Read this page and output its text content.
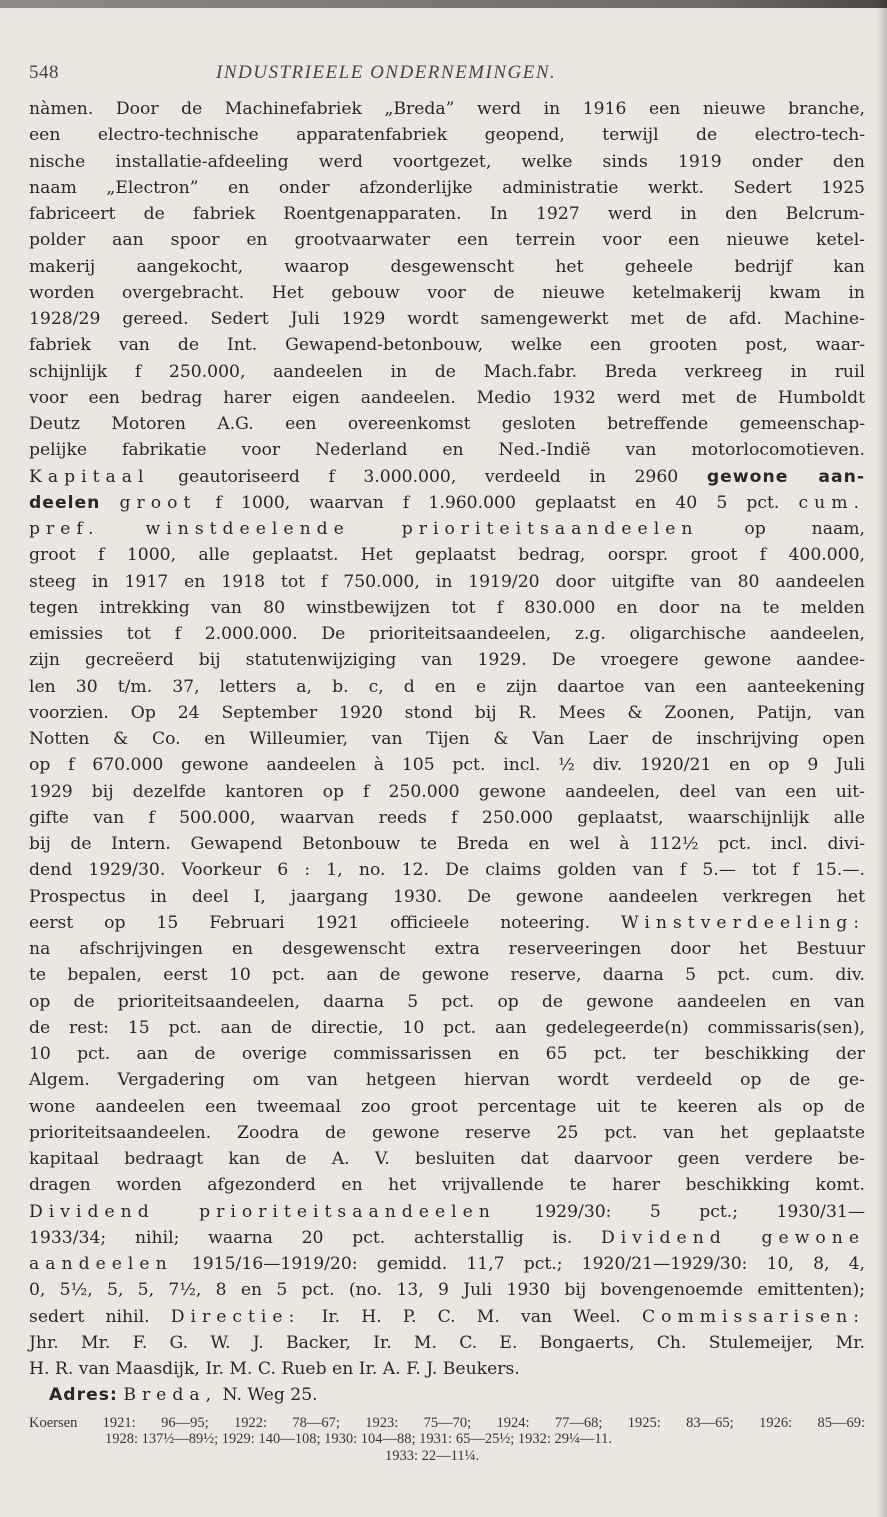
548	INDUSTRIEELE ONDERNEMINGEN.
nàmen. Door de Machinefabriek „Breda” werd in 1916 een nieuwe branche,
een electro-technische apparatenfabriek geopend, terwijl de electro-tech-
nische installatie-afdeeling werd voortgezet, welke sinds 1919 onder den
naam „Electron” en onder afzonderlijke administratie werkt. Sedert 1925
fabriceert de fabriek Roentgenapparaten. In 1927 werd in den Belcrum-
polder aan spoor en grootvaarwater een terrein voor een nieuwe ketel-
makerij aangekocht, waarop desgewenscht het geheele bedrijf kan
worden overgebracht. Het gebouw voor de nieuwe ketelmakerij kwam in
1928/29 gereed. Sedert Juli 1929 wordt samengewerkt met de afd. Machine-
fabriek van de Int. Gewapend-betonbouw, welke een grooten post, waar-
schijnlijk f 250.000, aandeelen in de Mach.fabr. Breda verkreeg in ruil
voor een bedrag harer eigen aandeelen. Medio 1932 werd met de Humboldt
Deutz Motoren A.G. een overeenkomst gesloten betreffende gemeenschap-
pelijke fabrikatie voor Nederland en Ned.-Indië van motorlocomotieven.
Kapitaal geautoriseerd f 3.000.000, verdeeld in 2960 gewone aan-
deelen groot f 1000, waarvan f 1.960.000 geplaatst en 40 5 pct. cum.
pref.	winstdeelende prioriteitsaandeelen	op naam,
groot f 1000, alle geplaatst. Het geplaatst bedrag, oorspr. groot f 400.000,
steeg in 1917 en 1918 tot f 750.000, in 1919/20 door uitgifte van 80 aandeelen
tegen intrekking van 80 winstbewijzen tot f 830.000 en door na te melden
emissies tot f 2.000.000. De prioriteitsaandeelen, z.g. oligarchische aandeelen,
zijn gecreëerd bij statutenwijziging van 1929. De vroegere gewone aandee-
len 30 t/m. 37, letters a, b. c, d en e zijn daartoe van een aanteekening
voorzien. Op 24 September 1920 stond bij R. Mees & Zoonen, Patijn, van
Notten & Co. en Willeumier, van Tijen & Van Laer de inschrijving open
op f 670.000 gewone aandeelen à 105 pct. incl. ½ div. 1920/21 en op 9 Juli
1929 bij dezelfde kantoren op f 250.000 gewone aandeelen, deel van een uit-
gifte van f 500.000, waarvan reeds f 250.000 geplaatst, waarschijnlijk alle
bij de Intern. Gewapend Betonbouw te Breda en wel à 112½ pct. incl. divi-
dend 1929/30. Voorkeur 6 : 1, no. 12. De claims golden van f 5.— tot f 15.—.
Prospectus in deel I, jaargang 1930. De gewone aandeelen verkregen het
eerst op 15 Februari 1921 officieele noteering. Winstverdeeling:
na afschrijvingen en desgewenscht extra reserveeringen door het Bestuur
te bepalen, eerst 10 pct. aan de gewone reserve, daarna 5 pct. cum. div.
op de prioriteitsaandeelen, daarna 5 pct. op de gewone aandeelen en van
de rest: 15 pct. aan de directie, 10 pct. aan gedelegeerde(n) commissaris(sen),
10 pct. aan de overige commissarissen en 65 pct. ter beschikking der
Algem. Vergadering om van hetgeen hiervan wordt verdeeld op de ge-
wone aandeelen een tweemaal zoo groot percentage uit te keeren als op de
prioriteitsaandeelen. Zoodra de gewone reserve 25 pct. van het geplaatste
kapitaal bedraagt kan de A. V. besluiten dat daarvoor geen verdere be-
dragen worden afgezonderd en het vrijvallende te harer beschikking komt.
Dividend prioriteitsaandeelen 1929/30: 5 pct.; 1930/31—
1933/34; nihil; waarna 20 pct. achterstallig is. Dividend gewone
aandeelen 1915/16—1919/20: gemidd. 11,7 pct.; 1920/21—1929/30: 10, 8, 4,
0, 5½, 5, 5, 7½, 8 en 5 pct. (no. 13, 9 Juli 1930 bij bovengenoemde emittenten);
sedert nihil. Directie: Ir. H. P. C. M. van Weel. Commissarisen:
Jhr. Mr. F. G. W. J. Backer, Ir. M. C. E. Bongaerts, Ch. Stulemeijer, Mr.
H. R. van Maasdijk, Ir. M. C. Rueb en Ir. A. F. J. Beukers.
Adres: Breda, N. Weg 25.
Koersen 1921: 96—95; 1922: 78—67; 1923: 75—70; 1924: 77—68; 1925: 83—65; 1926: 85—69:
1928: 137½—89½; 1929: 140—108; 1930: 104—88; 1931: 65—25½; 1932: 29¼—11.
1933: 22—11¼.
